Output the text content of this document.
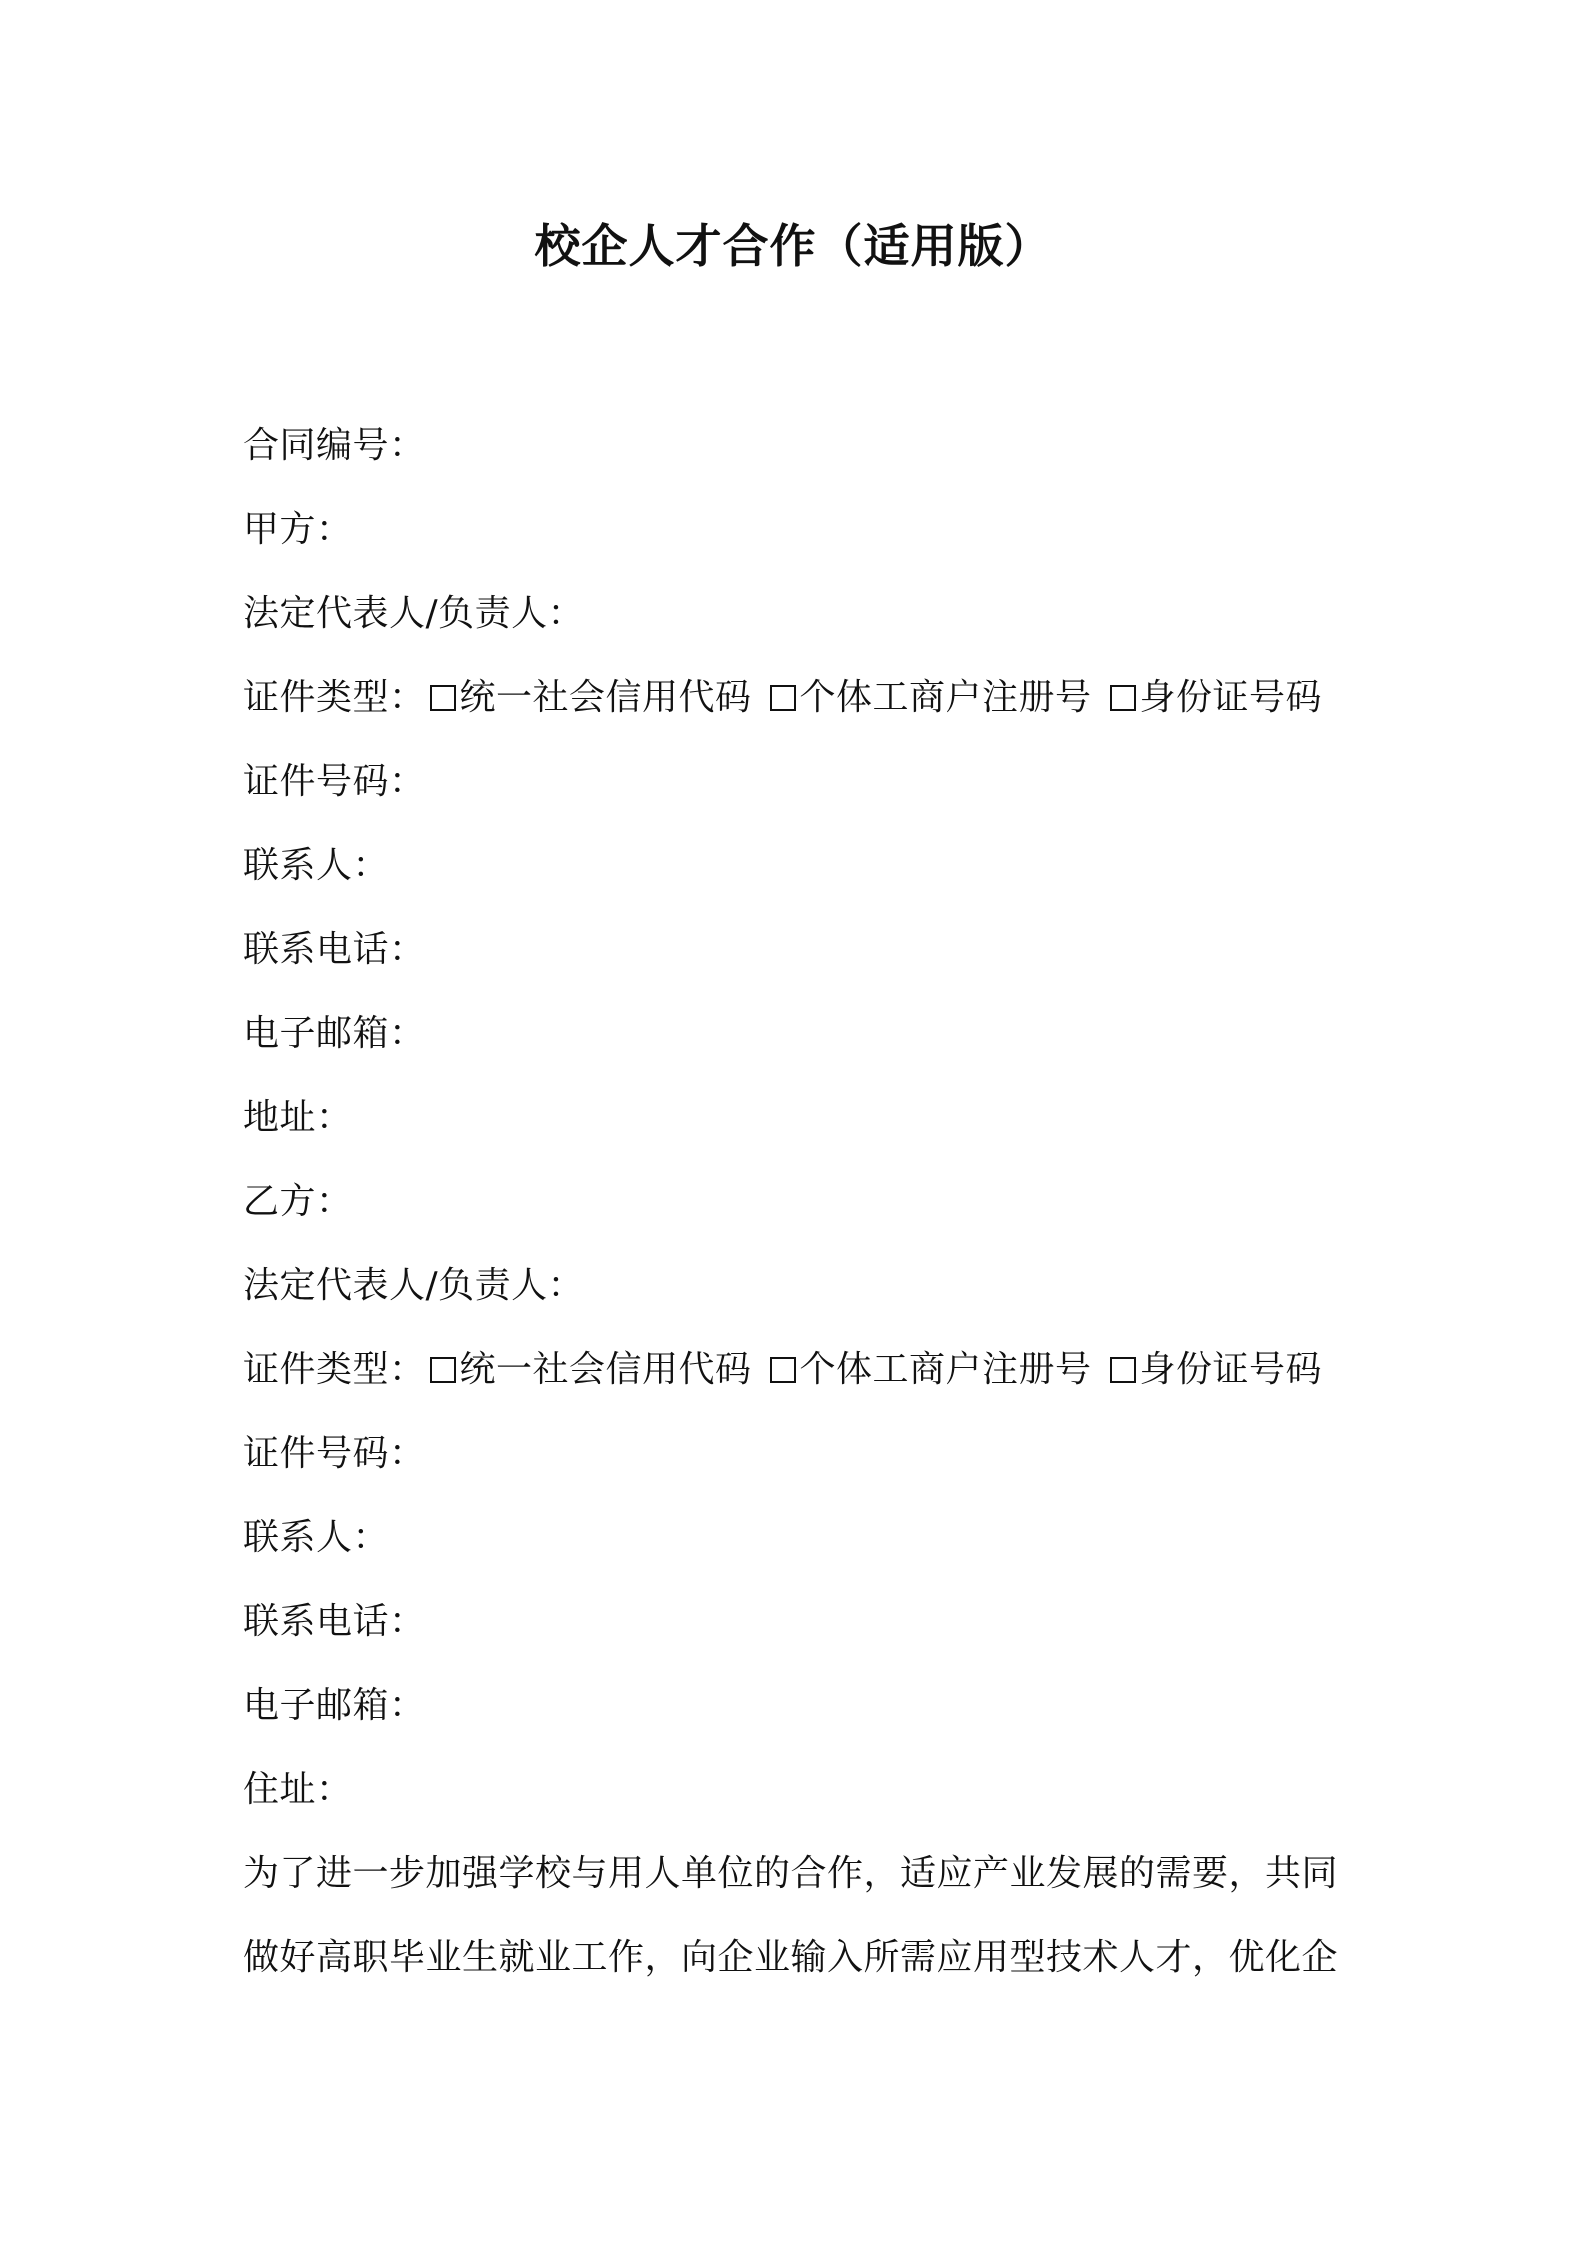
校企人才合作（适用版）
合同编号：
甲方：
法定代表人/负责人：
证件类型： 统一社会信用代码 个体工商户注册号 身份证号码
证件号码：
联系人：
联系电话：
电子邮箱：
地址：
乙方：
法定代表人/负责人：
证件类型： 统一社会信用代码 个体工商户注册号 身份证号码
证件号码：
联系人：
联系电话：
电子邮箱：
住址：
为了进一步加强学校与用人单位的合作，适应产业发展的需要，共同
做好高职毕业生就业工作，向企业输入所需应用型技术人才，优化企
